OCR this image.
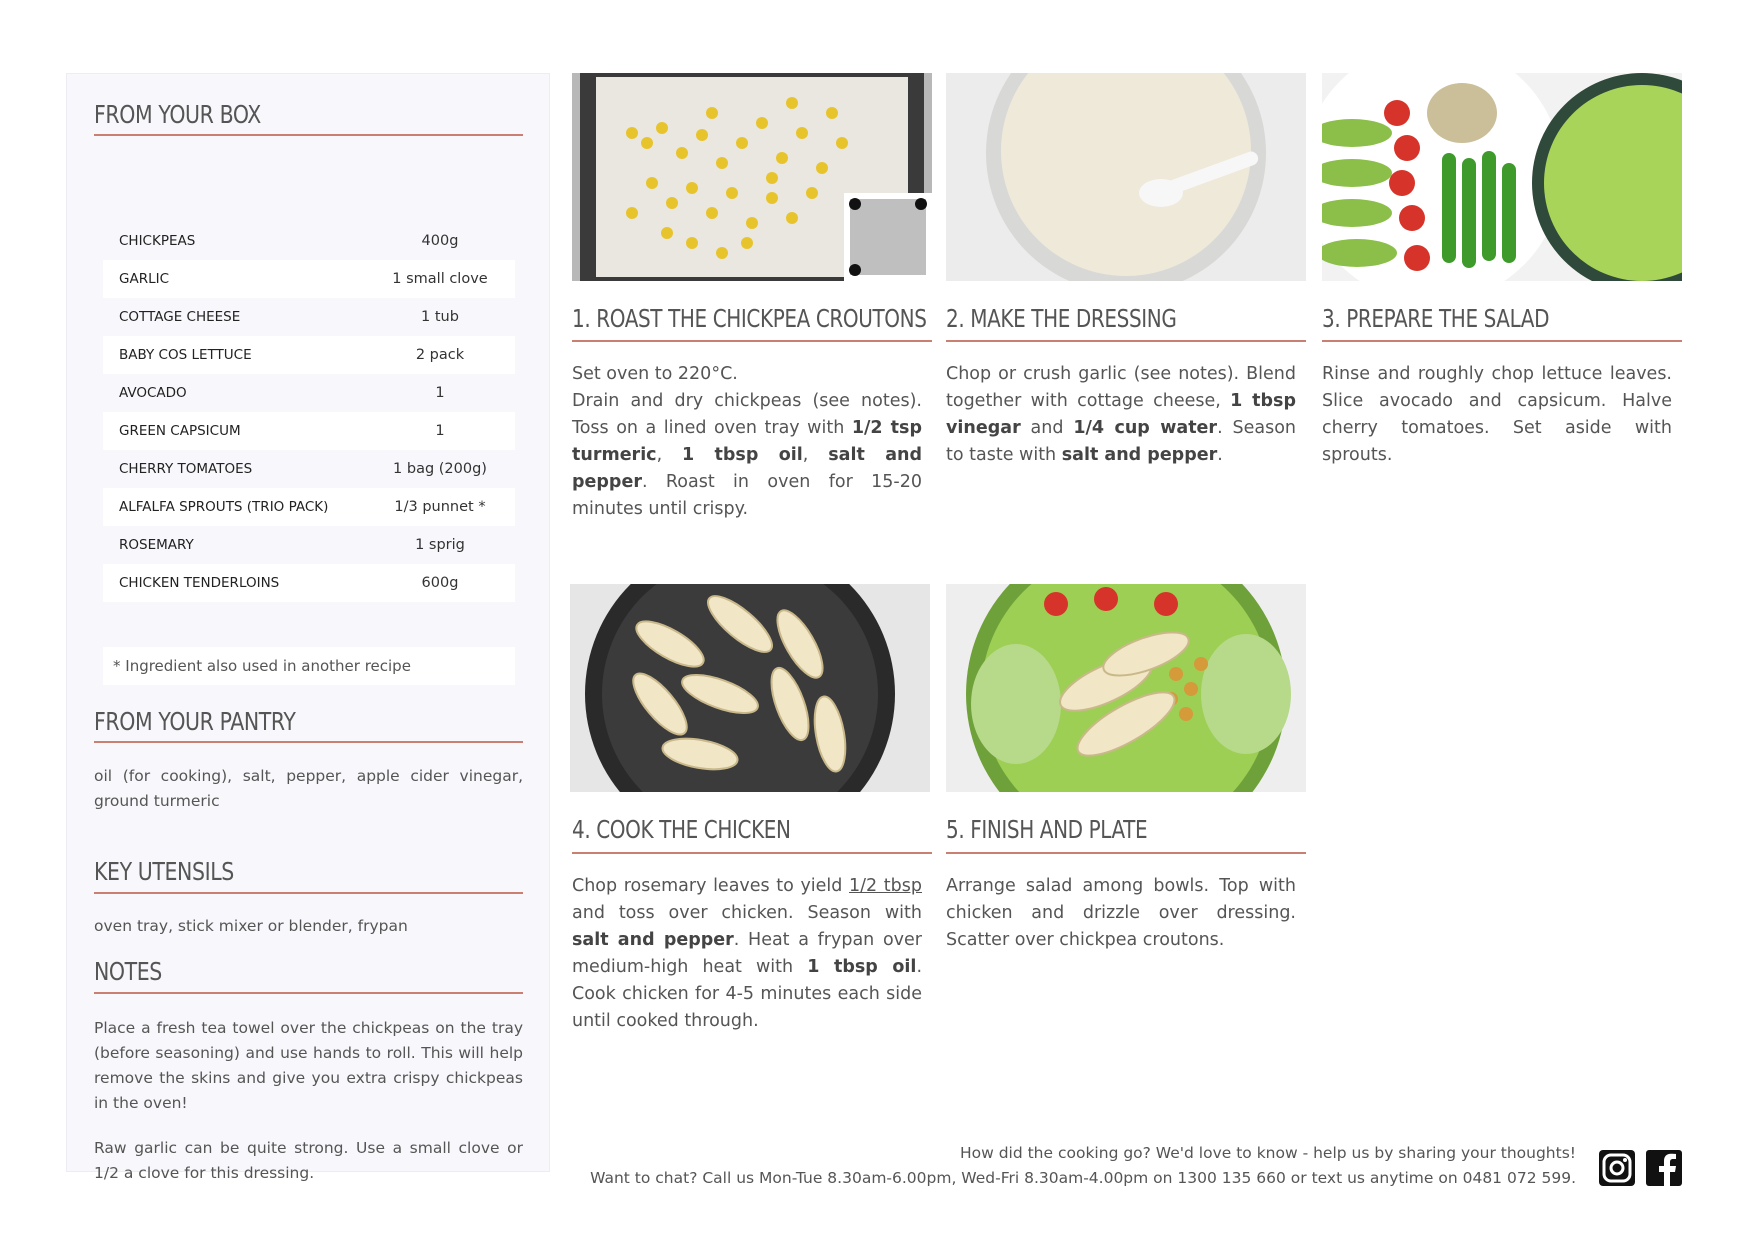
FROM YOUR BOX
CHICKPEAS	400g
GARLIC	1 small clove
COTTAGE CHEESE	1 tub
BABY COS LETTUCE	2 pack
AVOCADO	1
GREEN CAPSICUM	1
CHERRY TOMATOES	1 bag (200g)
ALFALFA SPROUTS (TRIO PACK)	1/3 punnet *
ROSEMARY	1 sprig
CHICKEN TENDERLOINS	600g
* Ingredient also used in another recipe
FROM YOUR PANTRY
oil (for cooking), salt, pepper, apple cider vinegar, ground turmeric
KEY UTENSILS
oven tray, stick mixer or blender, frypan
NOTES
Place a fresh tea towel over the chickpeas on the tray (before seasoning) and use hands to roll. This will help remove the skins and give you extra crispy chickpeas in the oven!
Raw garlic can be quite strong. Use a small clove or 1/2 a clove for this dressing.
1. ROAST THE CHICKPEA CROUTONS
Set oven to 220°C.
Drain and dry chickpeas (see notes). Toss on a lined oven tray with 1/2 tsp turmeric, 1 tbsp oil, salt and pepper. Roast in oven for 15-20 minutes until crispy.
2. MAKE THE DRESSING
Chop or crush garlic (see notes). Blend together with cottage cheese, 1 tbsp vinegar and 1/4 cup water. Season to taste with salt and pepper.
3. PREPARE THE SALAD
Rinse and roughly chop lettuce leaves. Slice avocado and capsicum. Halve cherry tomatoes. Set aside with sprouts.
4. COOK THE CHICKEN
Chop rosemary leaves to yield 1/2 tbsp and toss over chicken. Season with salt and pepper. Heat a frypan over medium-high heat with 1 tbsp oil. Cook chicken for 4-5 minutes each side until cooked through.
5. FINISH AND PLATE
Arrange salad among bowls. Top with chicken and drizzle over dressing. Scatter over chickpea croutons.
How did the cooking go? We'd love to know - help us by sharing your thoughts!
Want to chat? Call us Mon-Tue 8.30am-6.00pm, Wed-Fri 8.30am-4.00pm on 1300 135 660 or text us anytime on 0481 072 599.
